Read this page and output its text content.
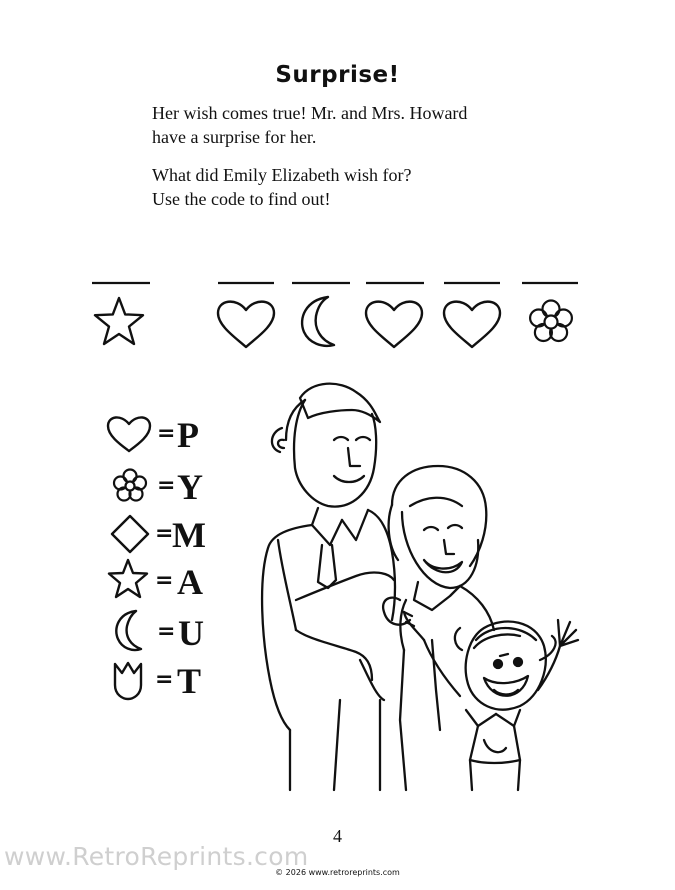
Surprise!
Her wish comes true! Mr. and Mrs. Howard
have a surprise for her.
What did Emily Elizabeth wish for?
Use the code to find out!
= P
= Y
=
M
= A
= U
= T
4
www.RetroReprints.com
© 2026 www.retroreprints.com
